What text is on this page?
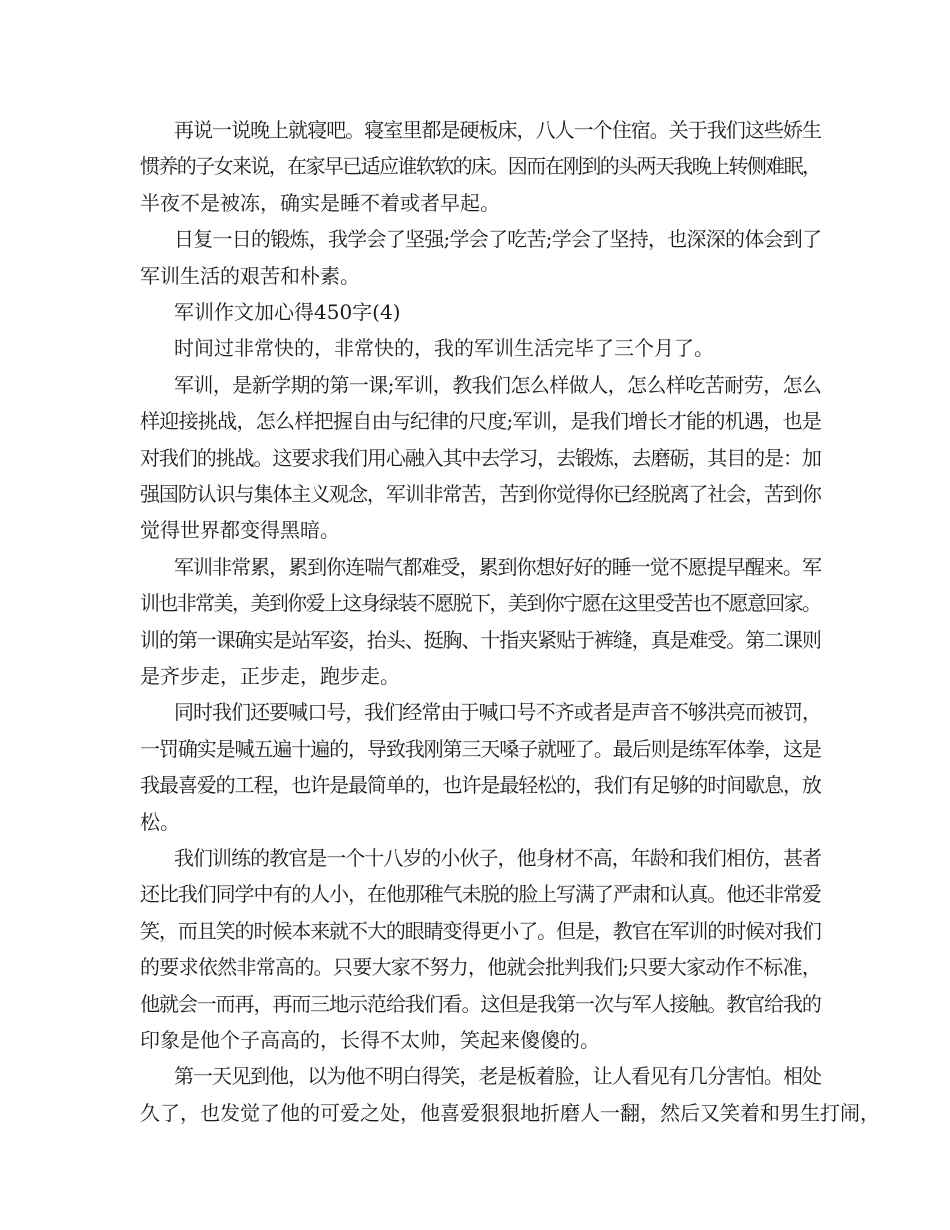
再说一说晚上就寝吧。寝室里都是硬板床，八人一个住宿。关于我们这些娇生
惯养的子女来说，在家早已适应谁软软的床。因而在刚到的头两天我晚上转侧难眠，
半夜不是被冻，确实是睡不着或者早起。
日复一日的锻炼，我学会了坚强;学会了吃苦;学会了坚持，也深深的体会到了
军训生活的艰苦和朴素。
军训作文加心得450字(4)
时间过非常快的，非常快的，我的军训生活完毕了三个月了。
军训，是新学期的第一课;军训，教我们怎么样做人，怎么样吃苦耐劳，怎么
样迎接挑战，怎么样把握自由与纪律的尺度;军训，是我们增长才能的机遇，也是
对我们的挑战。这要求我们用心融入其中去学习，去锻炼，去磨砺，其目的是：加
强国防认识与集体主义观念，军训非常苦，苦到你觉得你已经脱离了社会，苦到你
觉得世界都变得黑暗。
军训非常累，累到你连喘气都难受，累到你想好好的睡一觉不愿提早醒来。军
训也非常美，美到你爱上这身绿装不愿脱下，美到你宁愿在这里受苦也不愿意回家。
训的第一课确实是站军姿，抬头、挺胸、十指夹紧贴于裤缝，真是难受。第二课则
是齐步走，正步走，跑步走。
同时我们还要喊口号，我们经常由于喊口号不齐或者是声音不够洪亮而被罚，
一罚确实是喊五遍十遍的，导致我刚第三天嗓子就哑了。最后则是练军体拳，这是
我最喜爱的工程，也许是最简单的，也许是最轻松的，我们有足够的时间歇息，放
松。
我们训练的教官是一个十八岁的小伙子，他身材不高，年龄和我们相仿，甚者
还比我们同学中有的人小，在他那稚气未脱的脸上写满了严肃和认真。他还非常爱
笑，而且笑的时候本来就不大的眼睛变得更小了。但是，教官在军训的时候对我们
的要求依然非常高的。只要大家不努力，他就会批判我们;只要大家动作不标准，
他就会一而再，再而三地示范给我们看。这但是我第一次与军人接触。教官给我的
印象是他个子高高的，长得不太帅，笑起来傻傻的。
第一天见到他，以为他不明白得笑，老是板着脸，让人看见有几分害怕。相处
久了，也发觉了他的可爱之处，他喜爱狠狠地折磨人一翻，然后又笑着和男生打闹，
